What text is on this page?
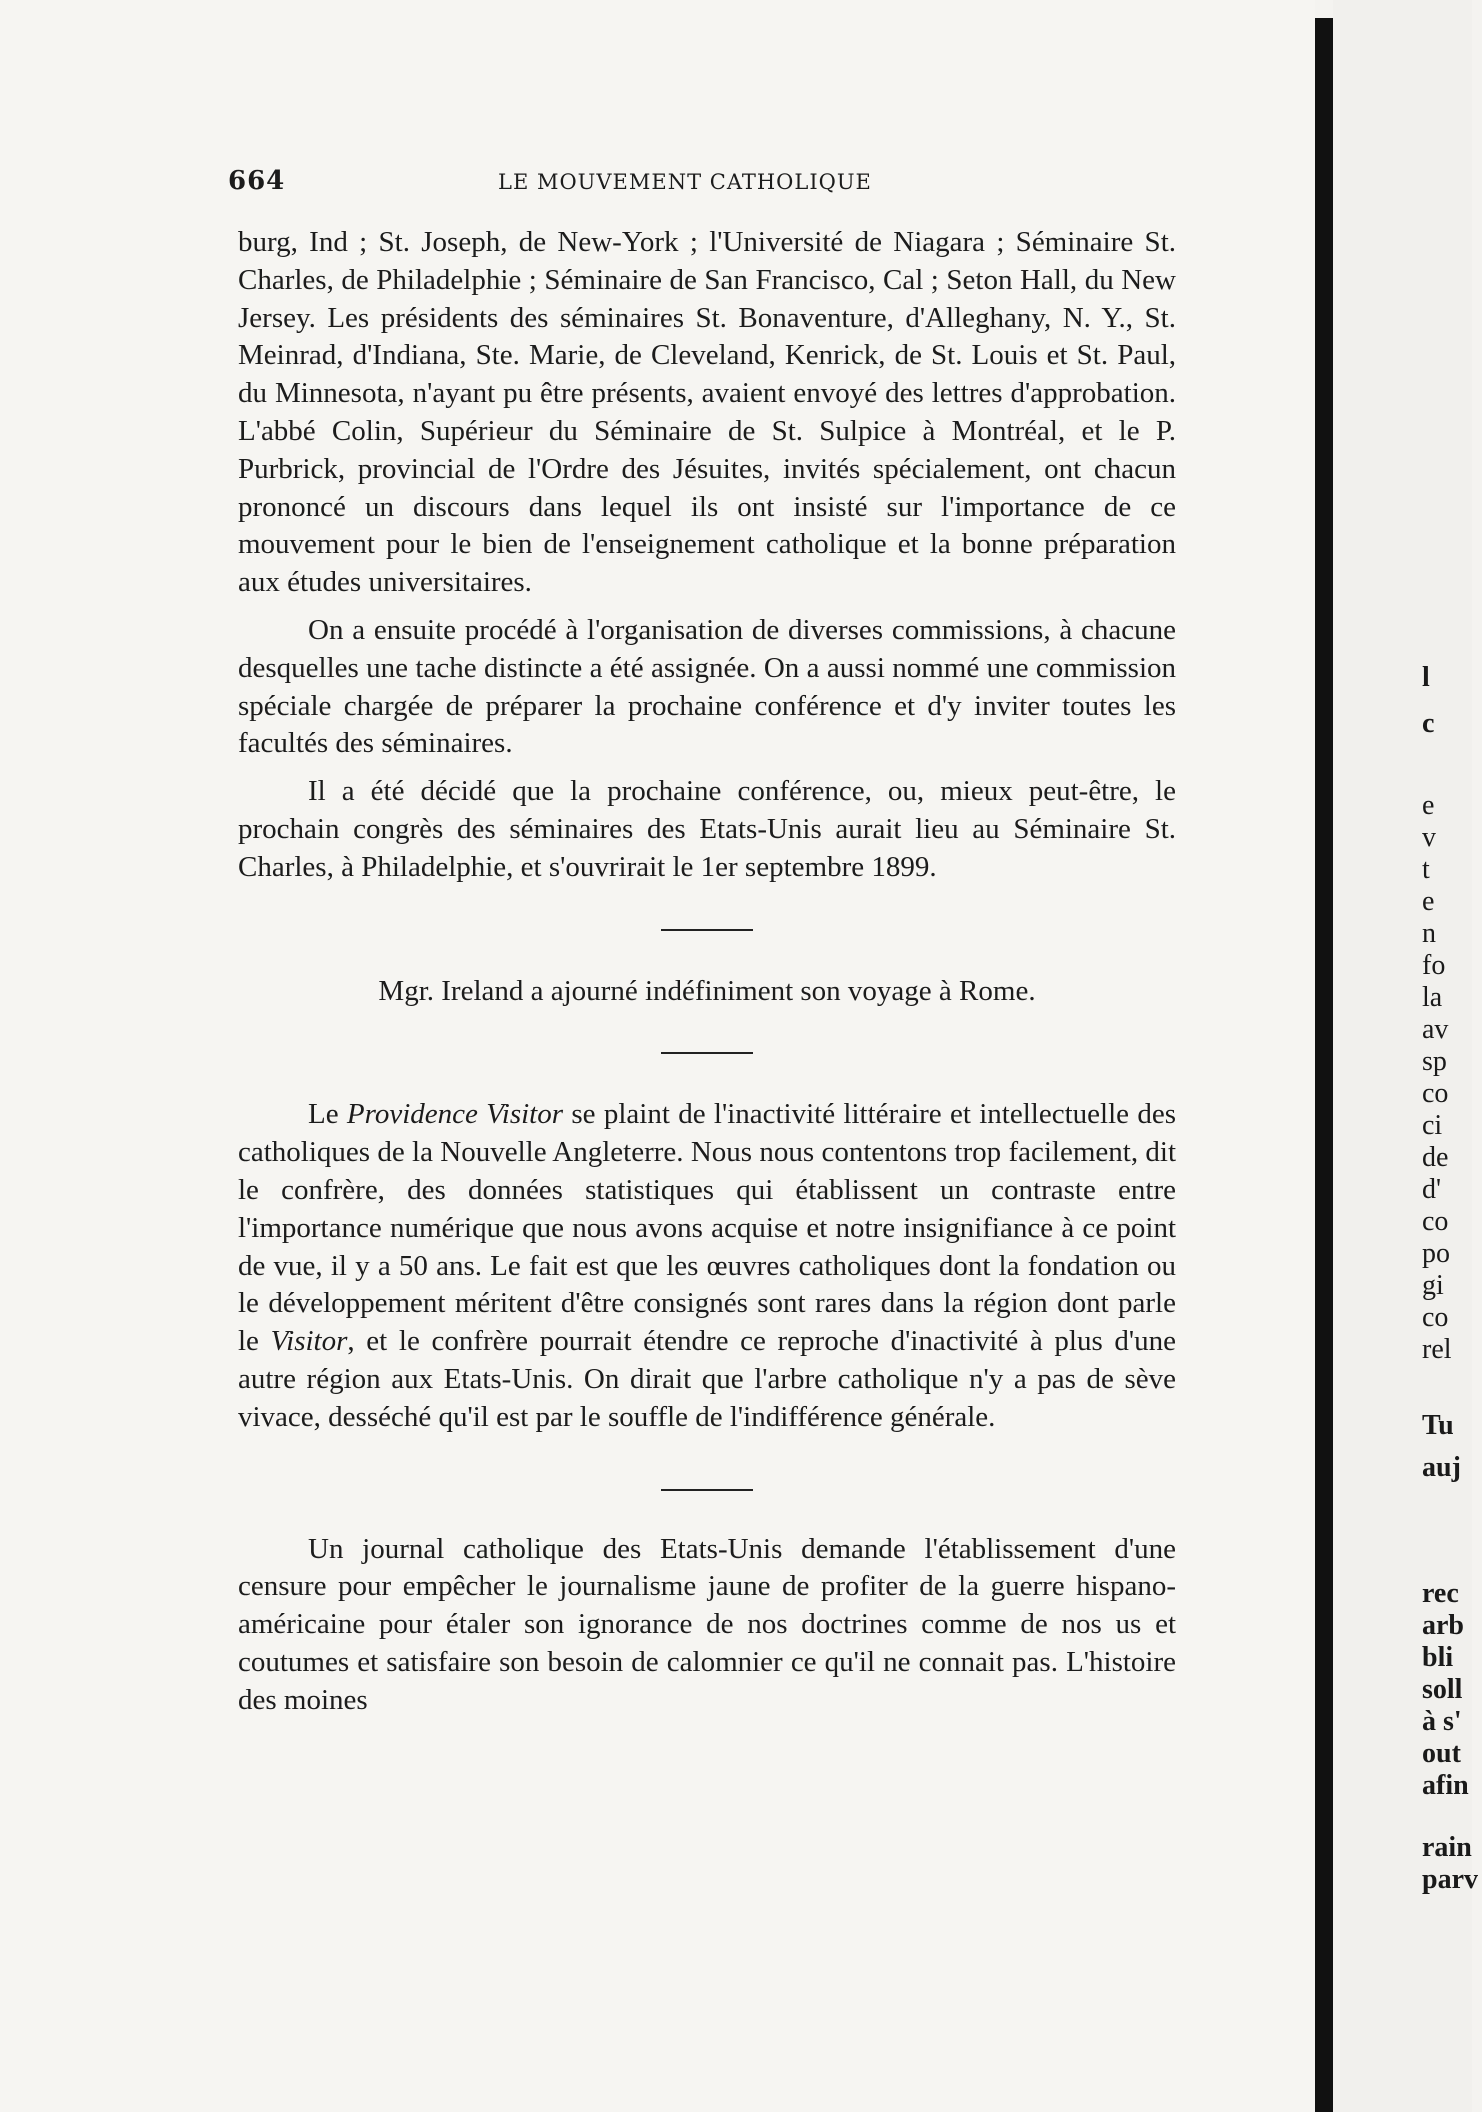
664	LE MOUVEMENT CATHOLIQUE

burg, Ind ; St. Joseph, de New-York ; l'Université de Niagara ; Séminaire St. Charles, de Philadelphie ; Séminaire de San Francisco, Cal ; Seton Hall, du New Jersey. Les présidents des séminaires St. Bonaventure, d'Alleghany, N. Y., St. Meinrad, d'Indiana, Ste. Marie, de Cleveland, Kenrick, de St. Louis et St. Paul, du Minnesota, n'ayant pu être présents, avaient envoyé des lettres d'approbation. L'abbé Colin, Supérieur du Séminaire de St. Sulpice à Montréal, et le P. Purbrick, provincial de l'Ordre des Jésuites, invités spécialement, ont chacun prononcé un discours dans lequel ils ont insisté sur l'importance de ce mouvement pour le bien de l'enseignement catholique et la bonne préparation aux études universitaires.

On a ensuite procédé à l'organisation de diverses commissions, à chacune desquelles une tache distincte a été assignée. On a aussi nommé une commission spéciale chargée de préparer la prochaine conférence et d'y inviter toutes les facultés des séminaires.

Il a été décidé que la prochaine conférence, ou, mieux peut-être, le prochain congrès des séminaires des Etats-Unis aurait lieu au Séminaire St. Charles, à Philadelphie, et s'ouvrirait le 1er septembre 1899.

Mgr. Ireland a ajourné indéfiniment son voyage à Rome.

Le Providence Visitor se plaint de l'inactivité littéraire et intellectuelle des catholiques de la Nouvelle Angleterre. Nous nous contentons trop facilement, dit le confrère, des données statistiques qui établissent un contraste entre l'importance numérique que nous avons acquise et notre insignifiance à ce point de vue, il y a 50 ans. Le fait est que les œuvres catholiques dont la fondation ou le développement méritent d'être consignés sont rares dans la région dont parle le Visitor, et le confrère pourrait étendre ce reproche d'inactivité à plus d'une autre région aux Etats-Unis. On dirait que l'arbre catholique n'y a pas de sève vivace, desséché qu'il est par le souffle de l'indifférence générale.

Un journal catholique des Etats-Unis demande l'établissement d'une censure pour empêcher le journalisme jaune de profiter de la guerre hispano-américaine pour étaler son ignorance de nos doctrines comme de nos us et coutumes et satisfaire son besoin de calomnier ce qu'il ne connait pas. L'histoire des moines

l
c
e
v
t
e
n
fo
la
av
sp
co
ci
de
d'
co
po
gi
co
rel
Tu
auj
rec
arb
bli
soll
à s'
out
afin
rain
parv
